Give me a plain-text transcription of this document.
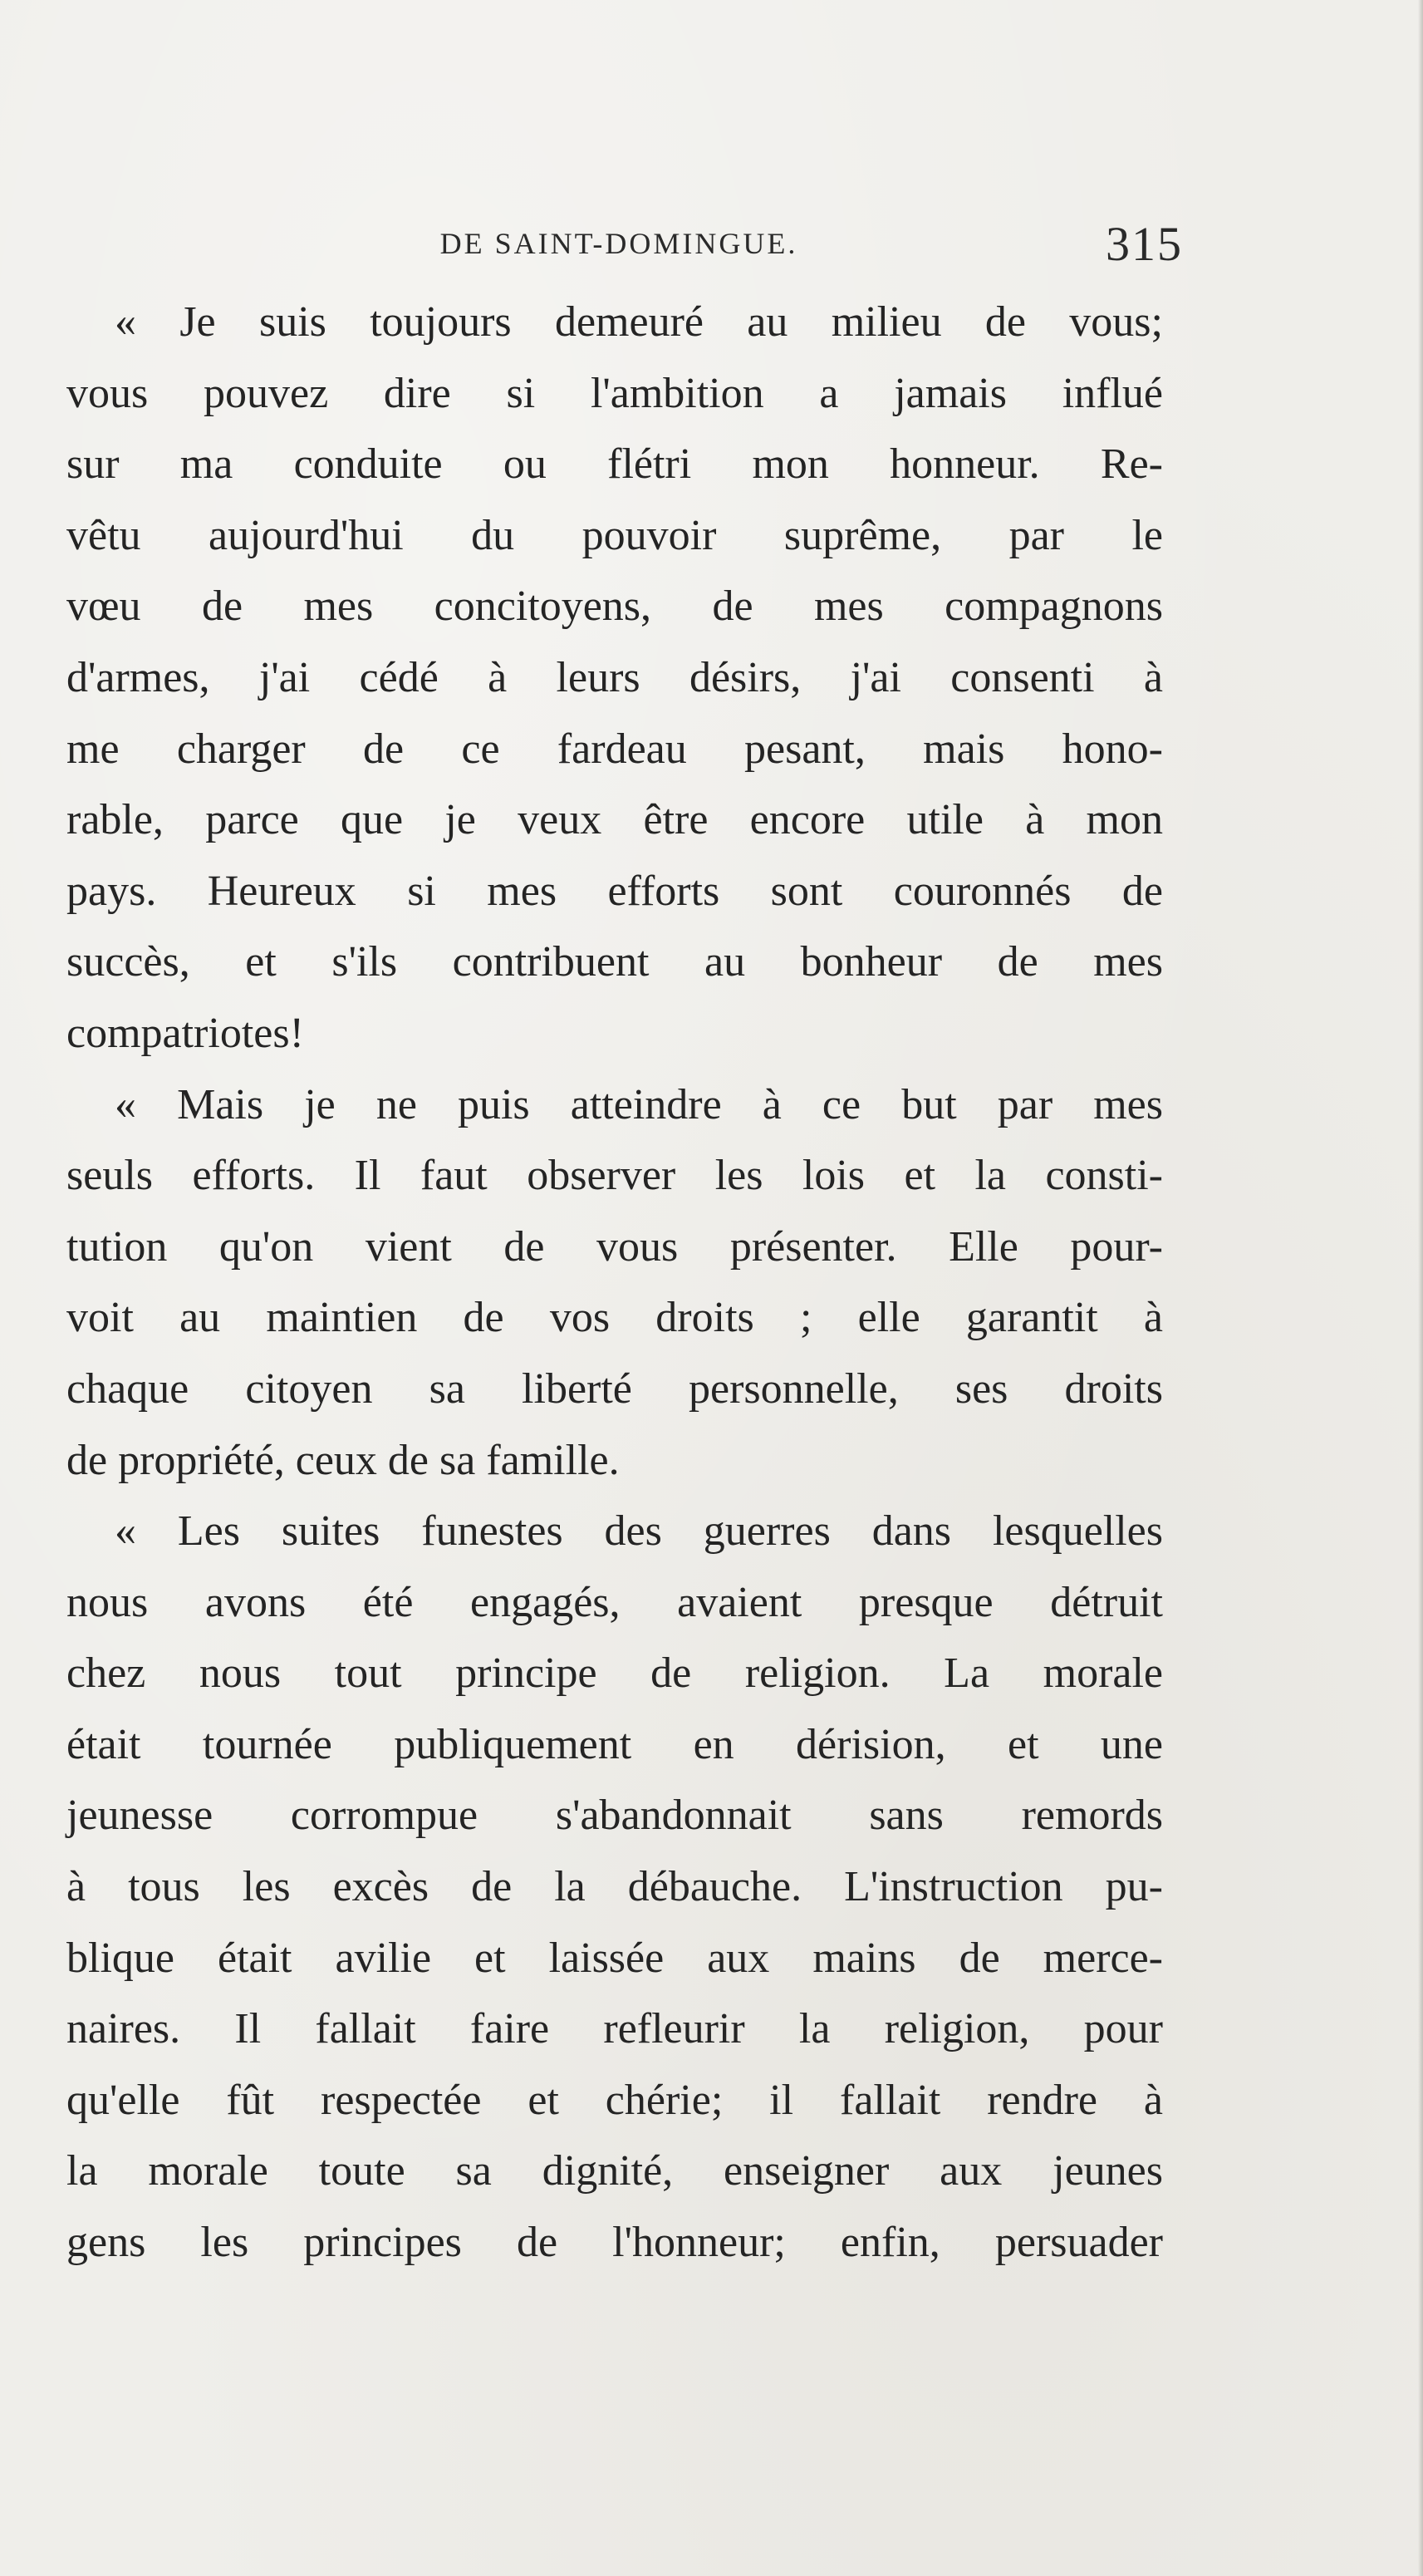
DE SAINT-DOMINGUE.	315
« Je suis toujours demeuré au milieu de vous;
vous pouvez dire si l'ambition a jamais influé
sur ma conduite ou flétri mon honneur. Re-
vêtu aujourd'hui du pouvoir suprême, par le
vœu de mes concitoyens, de mes compagnons
d'armes, j'ai cédé à leurs désirs, j'ai consenti à
me charger de ce fardeau pesant, mais hono-
rable, parce que je veux être encore utile à mon
pays. Heureux si mes efforts sont couronnés de
succès, et s'ils contribuent au bonheur de mes
compatriotes!
« Mais je ne puis atteindre à ce but par mes
seuls efforts. Il faut observer les lois et la consti-
tution qu'on vient de vous présenter. Elle pour-
voit au maintien de vos droits ; elle garantit à
chaque citoyen sa liberté personnelle, ses droits
de propriété, ceux de sa famille.
« Les suites funestes des guerres dans lesquelles
nous avons été engagés, avaient presque détruit
chez nous tout principe de religion. La morale
était tournée publiquement en dérision, et une
jeunesse corrompue s'abandonnait sans remords
à tous les excès de la débauche. L'instruction pu-
blique était avilie et laissée aux mains de merce-
naires. Il fallait faire refleurir la religion, pour
qu'elle fût respectée et chérie; il fallait rendre à
la morale toute sa dignité, enseigner aux jeunes
gens les principes de l'honneur; enfin, persuader
